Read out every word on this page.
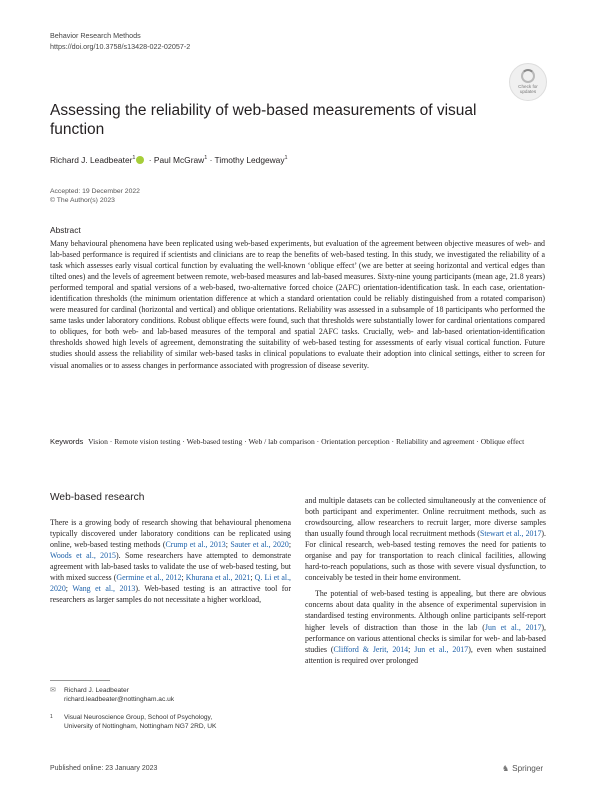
Behavior Research Methods
https://doi.org/10.3758/s13428-022-02057-2
Check for
updates
Assessing the reliability of web-based measurements of visual function
Richard J. Leadbeater$^1$ · Paul McGraw$^1$ · Timothy Ledgeway$^1$
Accepted: 19 December 2022
© The Author(s) 2023
Abstract
Many behavioural phenomena have been replicated using web-based experiments, but evaluation of the agreement between objective measures of web- and lab-based performance is required if scientists and clinicians are to reap the benefits of web-based testing. In this study, we investigated the reliability of a task which assesses early visual cortical function by evaluating the well-known ‘oblique effect’ (we are better at seeing horizontal and vertical edges than tilted ones) and the levels of agreement between remote, web-based measures and lab-based measures. Sixty-nine young participants (mean age, 21.8 years) performed temporal and spatial versions of a web-based, two-alternative forced choice (2AFC) orientation-identification task. In each case, orientation-identification thresholds (the minimum orientation difference at which a standard orientation could be reliably distinguished from a rotated comparison) were measured for cardinal (horizontal and vertical) and oblique orientations. Reliability was assessed in a subsample of 18 participants who performed the same tasks under laboratory conditions. Robust oblique effects were found, such that thresholds were substantially lower for cardinal orientations compared to obliques, for both web- and lab-based measures of the temporal and spatial 2AFC tasks. Crucially, web- and lab-based orientation-identification thresholds showed high levels of agreement, demonstrating the suitability of web-based testing for assessments of early visual cortical function. Future studies should assess the reliability of similar web-based tasks in clinical populations to evaluate their adoption into clinical settings, either to screen for visual anomalies or to assess changes in performance associated with progression of disease severity.
Keywords Vision · Remote vision testing · Web-based testing · Web / lab comparison · Orientation perception · Reliability and agreement · Oblique effect
Web-based research

There is a growing body of research showing that behavioural phenomena typically discovered under laboratory conditions can be replicated using online, web-based testing methods (Crump et al., 2013; Sauter et al., 2020; Woods et al., 2015). Some researchers have attempted to demonstrate agreement with lab-based tasks to validate the use of web-based testing, but with mixed success (Germine et al., 2012; Khurana et al., 2021; Q. Li et al., 2020; Wang et al., 2013). Web-based testing is an attractive tool for researchers as larger samples do not necessitate a higher workload,

and multiple datasets can be collected simultaneously at the convenience of both participant and experimenter. Online recruitment methods, such as crowdsourcing, allow researchers to recruit larger, more diverse samples than usually found through local recruitment methods (Stewart et al., 2017). For clinical research, web-based testing removes the need for patients to organise and pay for transportation to reach clinical facilities, allowing hard-to-reach populations, such as those with severe visual dysfunction, to conceivably be tested in their home environment.

The potential of web-based testing is appealing, but there are obvious concerns about data quality in the absence of experimental supervision in standardised testing environments. Although online participants self-report higher levels of distraction than those in the lab (Jun et al., 2017), performance on various attentional checks is similar for web- and lab-based studies (Clifford & Jerit, 2014; Jun et al., 2017), even when sustained attention is required over prolonged

✉ Richard J. Leadbeater
richard.leadbeater@nottingham.ac.uk
1 Visual Neuroscience Group, School of Psychology,
University of Nottingham, Nottingham NG7 2RD, UK
Published online: 23 January 2023	♞ Springer
